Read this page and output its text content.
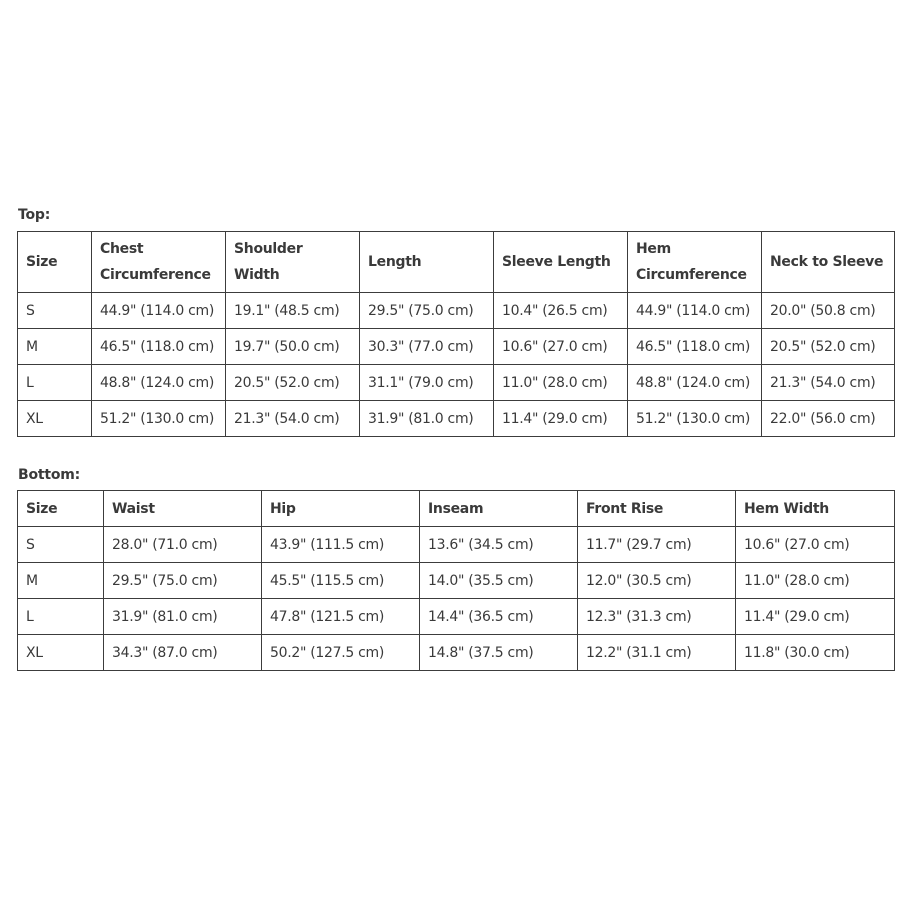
Top:
Size	Chest Circumference	Shoulder Width	Length	Sleeve Length	Hem Circumference	Neck to Sleeve
S	44.9" (114.0 cm)	19.1" (48.5 cm)	29.5" (75.0 cm)	10.4" (26.5 cm)	44.9" (114.0 cm)	20.0" (50.8 cm)
M	46.5" (118.0 cm)	19.7" (50.0 cm)	30.3" (77.0 cm)	10.6" (27.0 cm)	46.5" (118.0 cm)	20.5" (52.0 cm)
L	48.8" (124.0 cm)	20.5" (52.0 cm)	31.1" (79.0 cm)	11.0" (28.0 cm)	48.8" (124.0 cm)	21.3" (54.0 cm)
XL	51.2" (130.0 cm)	21.3" (54.0 cm)	31.9" (81.0 cm)	11.4" (29.0 cm)	51.2" (130.0 cm)	22.0" (56.0 cm)
Bottom:
Size	Waist	Hip	Inseam	Front Rise	Hem Width
S	28.0" (71.0 cm)	43.9" (111.5 cm)	13.6" (34.5 cm)	11.7" (29.7 cm)	10.6" (27.0 cm)
M	29.5" (75.0 cm)	45.5" (115.5 cm)	14.0" (35.5 cm)	12.0" (30.5 cm)	11.0" (28.0 cm)
L	31.9" (81.0 cm)	47.8" (121.5 cm)	14.4" (36.5 cm)	12.3" (31.3 cm)	11.4" (29.0 cm)
XL	34.3" (87.0 cm)	50.2" (127.5 cm)	14.8" (37.5 cm)	12.2" (31.1 cm)	11.8" (30.0 cm)
